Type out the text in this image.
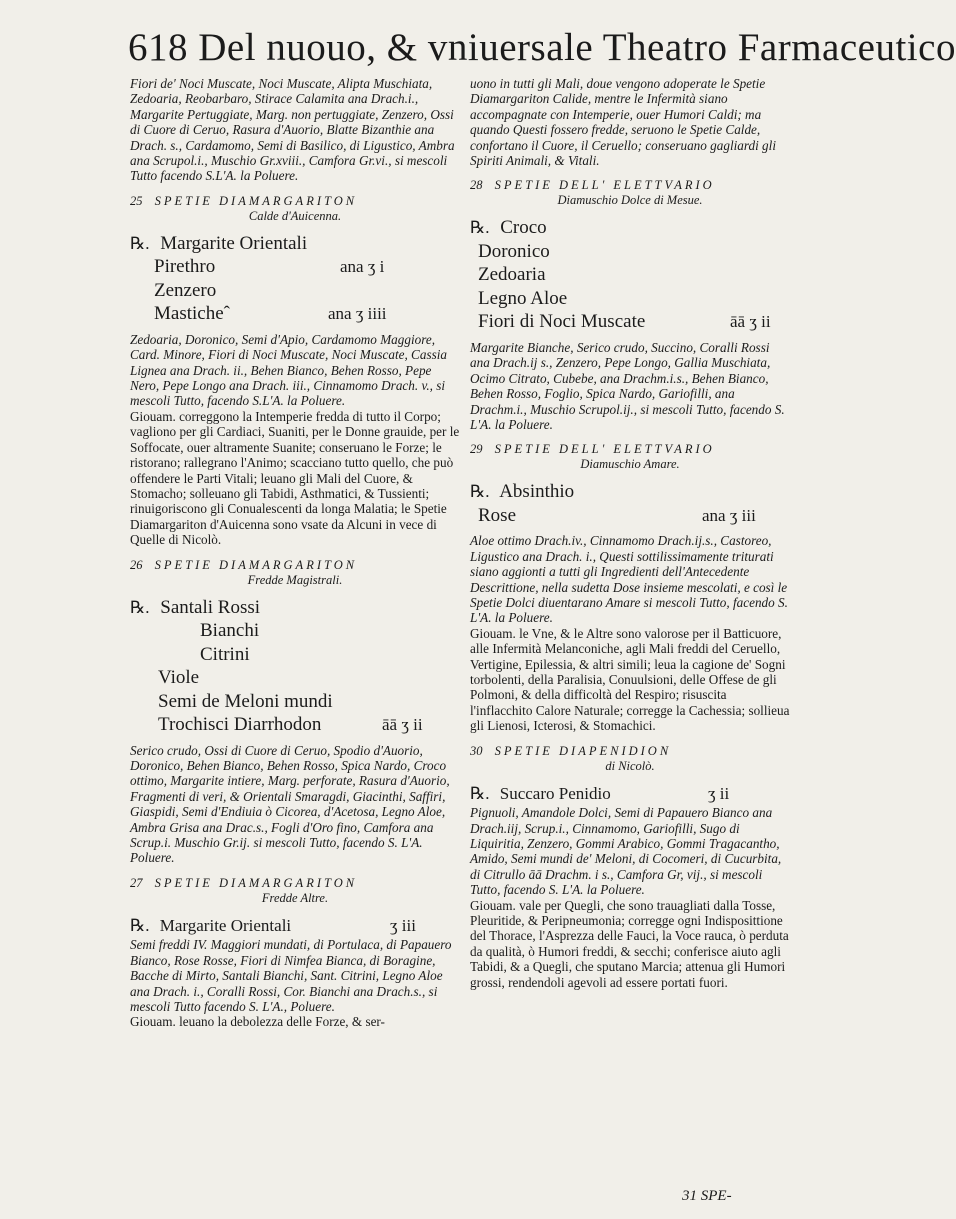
618 Del nuouo, & vniuersale Theatro Farmaceutico

Fiori de' Noci Muscate, Noci Muscate, Alipta Muschiata, Zedoaria, Reobarbaro, Stirace Calamita ana Drach.i., Margarite Pertuggiate, Marg. non pertuggiate, Zenzero, Ossi di Cuore di Ceruo, Rasura d'Auorio, Blatte Bizanthie ana Drach. s., Cardamomo, Semi di Basilico, di Ligustico, Ambra ana Scrupol.i., Muschio Gr.xviii., Camfora Gr.vi., si mescoli Tutto facendo S.L'A. la Poluere.

25 SPETIE DIAMARGARITON
Calde d'Auicenna.
℞. Margarite Orientali
Pirethro	ana ʒ i
Zenzero
Masticheˆ	ana ʒ iiii

Zedoaria, Doronico, Semi d'Apio, Cardamomo Maggiore, Card. Minore, Fiori di Noci Muscate, Noci Muscate, Cassia Lignea ana Drach. ii., Behen Bianco, Behen Rosso, Pepe Nero, Pepe Longo ana Drach. iii., Cinnamomo Drach. v., si mescoli Tutto, facendo S.L'A. la Poluere.

Giouam. correggono la Intemperie fredda di tutto il Corpo; vagliono per gli Cardiaci, Suaniti, per le Donne grauide, per le Soffocate, ouer altramente Suanite; conseruano le Forze; le ristorano; rallegrano l'Animo; scacciano tutto quello, che può offendere le Parti Vitali; leuano gli Mali del Cuore, & Stomacho; solleuano gli Tabidi, Asthmatici, & Tussienti; rinuigoriscono gli Conualescenti da longa Malatia; le Spetie Diamargariton d'Auicenna sono vsate da Alcuni in vece di Quelle di Nicolò.

26 SPETIE DIAMARGARITON
Fredde Magistrali.
℞. Santali Rossi
Bianchi
Citrini
Viole
Semi de Meloni mundi
Trochisci Diarrhodon	āā ʒ ii

Serico crudo, Ossi di Cuore di Ceruo, Spodio d'Auorio, Doronico, Behen Bianco, Behen Rosso, Spica Nardo, Croco ottimo, Margarite intiere, Marg. perforate, Rasura d'Auorio, Fragmenti di veri, & Orientali Smaragdi, Giacinthi, Saffiri, Giaspidi, Semi d'Endiuia ò Cicorea, d'Acetosa, Legno Aloe, Ambra Grisa ana Drac.s., Fogli d'Oro fino, Camfora ana Scrup.i. Muschio Gr.ij. si mescoli Tutto, facendo S. L'A. Poluere.

27 SPETIE DIAMARGARITON
Fredde Altre.
℞. Margarite Orientali	ʒ iii

Semi freddi IV. Maggiori mundati, di Portulaca, di Papauero Bianco, Rose Rosse, Fiori di Nimfea Bianca, di Boragine, Bacche di Mirto, Santali Bianchi, Sant. Citrini, Legno Aloe ana Drach. i., Coralli Rossi, Cor. Bianchi ana Drach.s., si mescoli Tutto facendo S. L'A., Poluere.

Giouam. leuano la debolezza delle Forze, & ser-

uono in tutti gli Mali, doue vengono adoperate le Spetie Diamargariton Calide, mentre le Infermità siano accompagnate con Intemperie, ouer Humori Caldi; ma quando Questi fossero fredde, seruono le Spetie Calde, confortano il Cuore, il Ceruello; conseruano gagliardi gli Spiriti Animali, & Vitali.

28 SPETIE DELL' ELETTVARIO
Diamuschio Dolce di Mesue.
℞. Croco
Doronico
Zedoaria
Legno Aloe
Fiori di Noci Muscate	āā ʒ ii

Margarite Bianche, Serico crudo, Succino, Coralli Rossi ana Drach.ij s., Zenzero, Pepe Longo, Gallia Muschiata, Ocimo Citrato, Cubebe, ana Drachm.i.s., Behen Bianco, Behen Rosso, Foglio, Spica Nardo, Gariofilli, ana Drachm.i., Muschio Scrupol.ij., si mescoli Tutto, facendo S. L'A. la Poluere.

29 SPETIE DELL' ELETTVARIO
Diamuschio Amare.
℞. Absinthio
Rose	ana ʒ iii

Aloe ottimo Drach.iv., Cinnamomo Drach.ij.s., Castoreo, Ligustico ana Drach. i., Questi sottilissimamente triturati siano aggionti a tutti gli Ingredienti dell'Antecedente Descrittione, nella sudetta Dose insieme mescolati, e così le Spetie Dolci diuentarano Amare si mescoli Tutto, facendo S. L'A. la Poluere.

Giouam. le Vne, & le Altre sono valorose per il Batticuore, alle Infermità Melanconiche, agli Mali freddi del Ceruello, Vertigine, Epilessia, & altri simili; leua la cagione de' Sogni torbolenti, della Paralisia, Conuulsioni, delle Offese de gli Polmoni, & della difficoltà del Respiro; risuscita l'inflacchito Calore Naturale; corregge la Cachessia; sollieua gli Lienosi, Icterosi, & Stomachici.

30 SPETIE DIAPENIDION
di Nicolò.
℞. Succaro Penidio	ʒ ii

Pignuoli, Amandole Dolci, Semi di Papauero Bianco ana Drach.iij, Scrup.i., Cinnamomo, Gariofilli, Sugo di Liquiritia, Zenzero, Gommi Arabico, Gommi Tragacantho, Amido, Semi mundi de' Meloni, di Cocomeri, di Cucurbita, di Citrullo āā Drachm. i s., Camfora Gr, vij., si mescoli Tutto, facendo S. L'A. la Poluere.

Giouam. vale per Quegli, che sono trauagliati dalla Tosse, Pleuritide, & Peripneumonia; corregge ogni Indisposittione del Thorace, l'Asprezza delle Fauci, la Voce rauca, ò perduta da qualità, ò Humori freddi, & secchi; conferisce aiuto agli Tabidi, & a Quegli, che sputano Marcia; attenua gli Humori grossi, rendendoli agevoli ad essere portati fuori.

31 SPE-
